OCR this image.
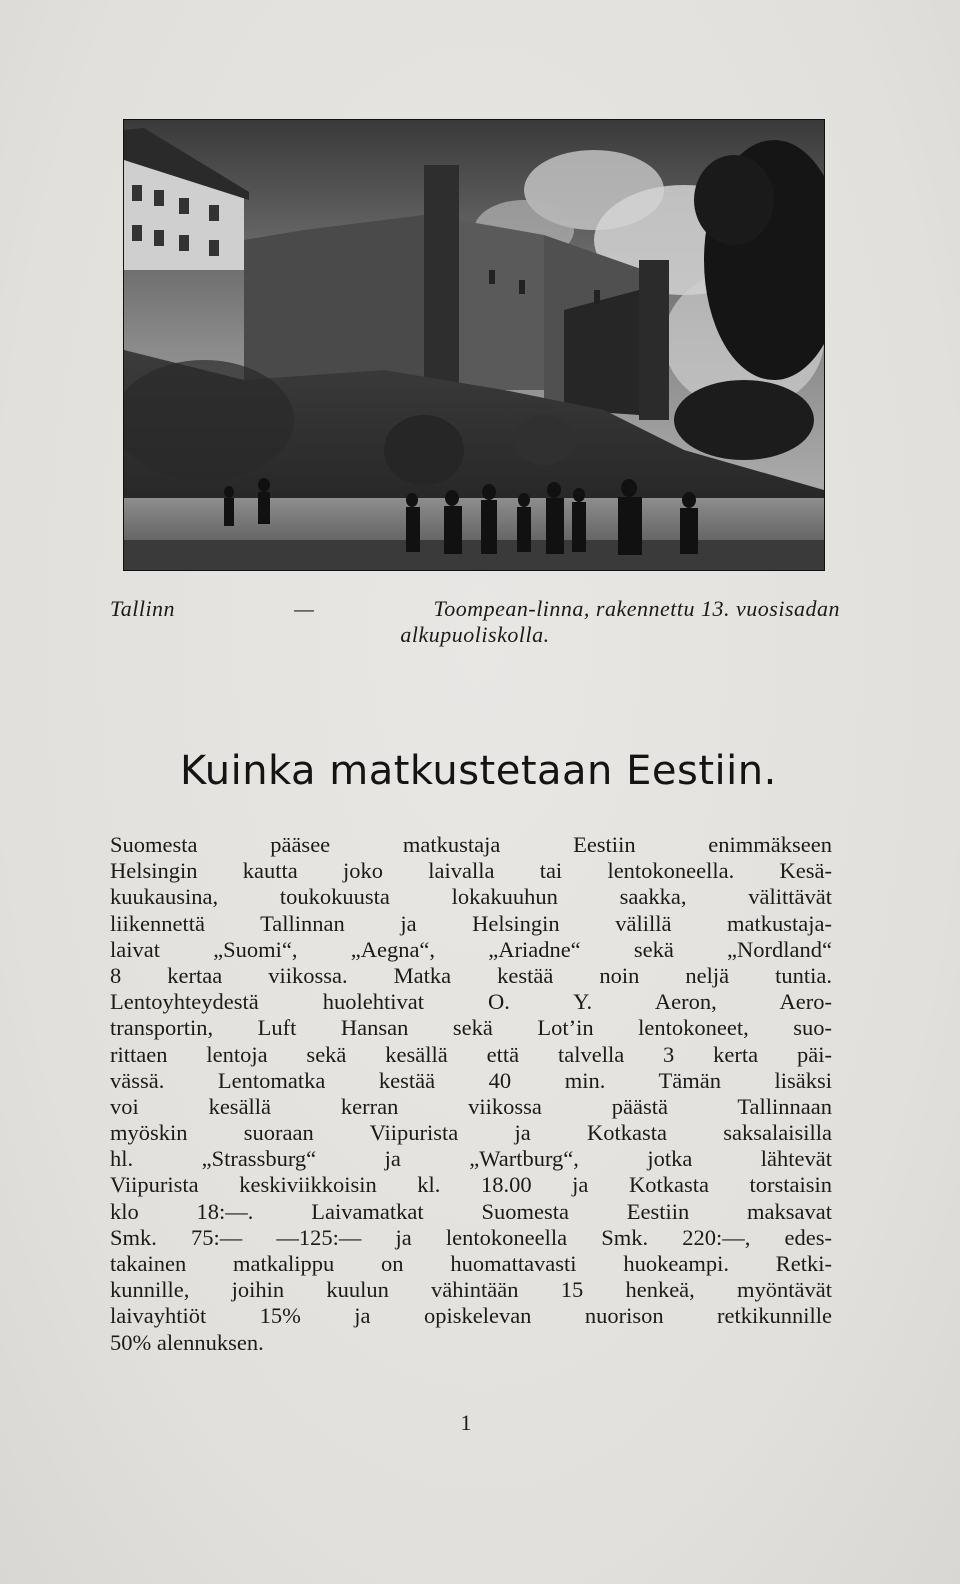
Tallinn	—	Toompean-linna, rakennettu 13. vuosisadan
alkupuoliskolla.
Kuinka matkustetaan Eestiin.
Suomesta pääsee matkustaja Eestiin enimmäkseen
Helsingin kautta joko laivalla tai lentokoneella. Kesä-
kuukausina, toukokuusta lokakuuhun saakka, välittävät
liikennettä Tallinnan ja Helsingin välillä matkustaja-
laivat „Suomi“, „Aegna“, „Ariadne“ sekä „Nordland“
8 kertaa viikossa. Matka kestää noin neljä tuntia.
Lentoyhteydestä huolehtivat O. Y. Aeron, Aero-
transportin, Luft Hansan sekä Lot’in lentokoneet, suo-
rittaen lentoja sekä kesällä että talvella 3 kerta päi-
vässä. Lentomatka kestää 40 min. Tämän lisäksi
voi kesällä kerran viikossa päästä Tallinnaan
myöskin suoraan Viipurista ja Kotkasta saksalaisilla
hl. „Strassburg“ ja „Wartburg“, jotka lähtevät
Viipurista keskiviikkoisin kl. 18.00 ja Kotkasta torstaisin
klo 18:—. Laivamatkat Suomesta Eestiin maksavat
Smk. 75:— —125:— ja lentokoneella Smk. 220:—, edes-
takainen matkalippu on huomattavasti huokeampi. Retki-
kunnille, joihin kuulun vähintään 15 henkeä, myöntävät
laivayhtiöt 15% ja opiskelevan nuorison retkikunnille
50% alennuksen.
1
